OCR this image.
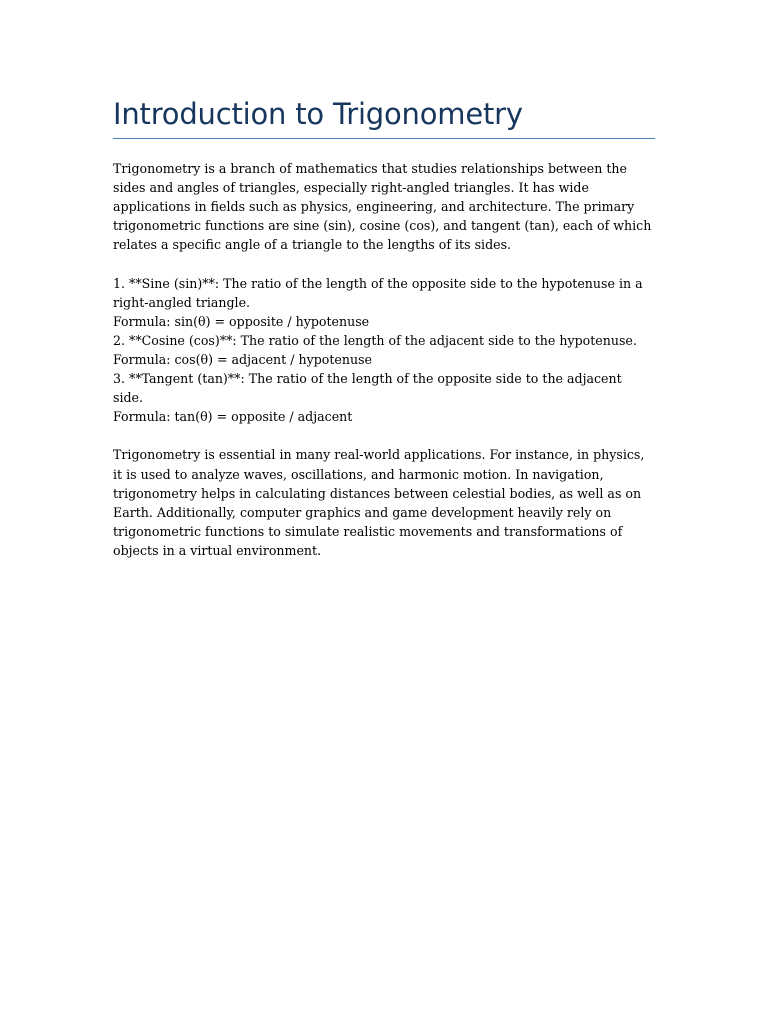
Introduction to Trigonometry

Trigonometry is a branch of mathematics that studies relationships between the sides and angles of triangles, especially right-angled triangles. It has wide applications in fields such as physics, engineering, and architecture. The primary trigonometric functions are sine (sin), cosine (cos), and tangent (tan), each of which relates a specific angle of a triangle to the lengths of its sides.

1. **Sine (sin)**: The ratio of the length of the opposite side to the hypotenuse in a right-angled triangle.
Formula: sin(θ) = opposite / hypotenuse
2. **Cosine (cos)**: The ratio of the length of the adjacent side to the hypotenuse.
Formula: cos(θ) = adjacent / hypotenuse
3. **Tangent (tan)**: The ratio of the length of the opposite side to the adjacent side.
Formula: tan(θ) = opposite / adjacent

Trigonometry is essential in many real-world applications. For instance, in physics, it is used to analyze waves, oscillations, and harmonic motion. In navigation, trigonometry helps in calculating distances between celestial bodies, as well as on Earth. Additionally, computer graphics and game development heavily rely on trigonometric functions to simulate realistic movements and transformations of objects in a virtual environment.
